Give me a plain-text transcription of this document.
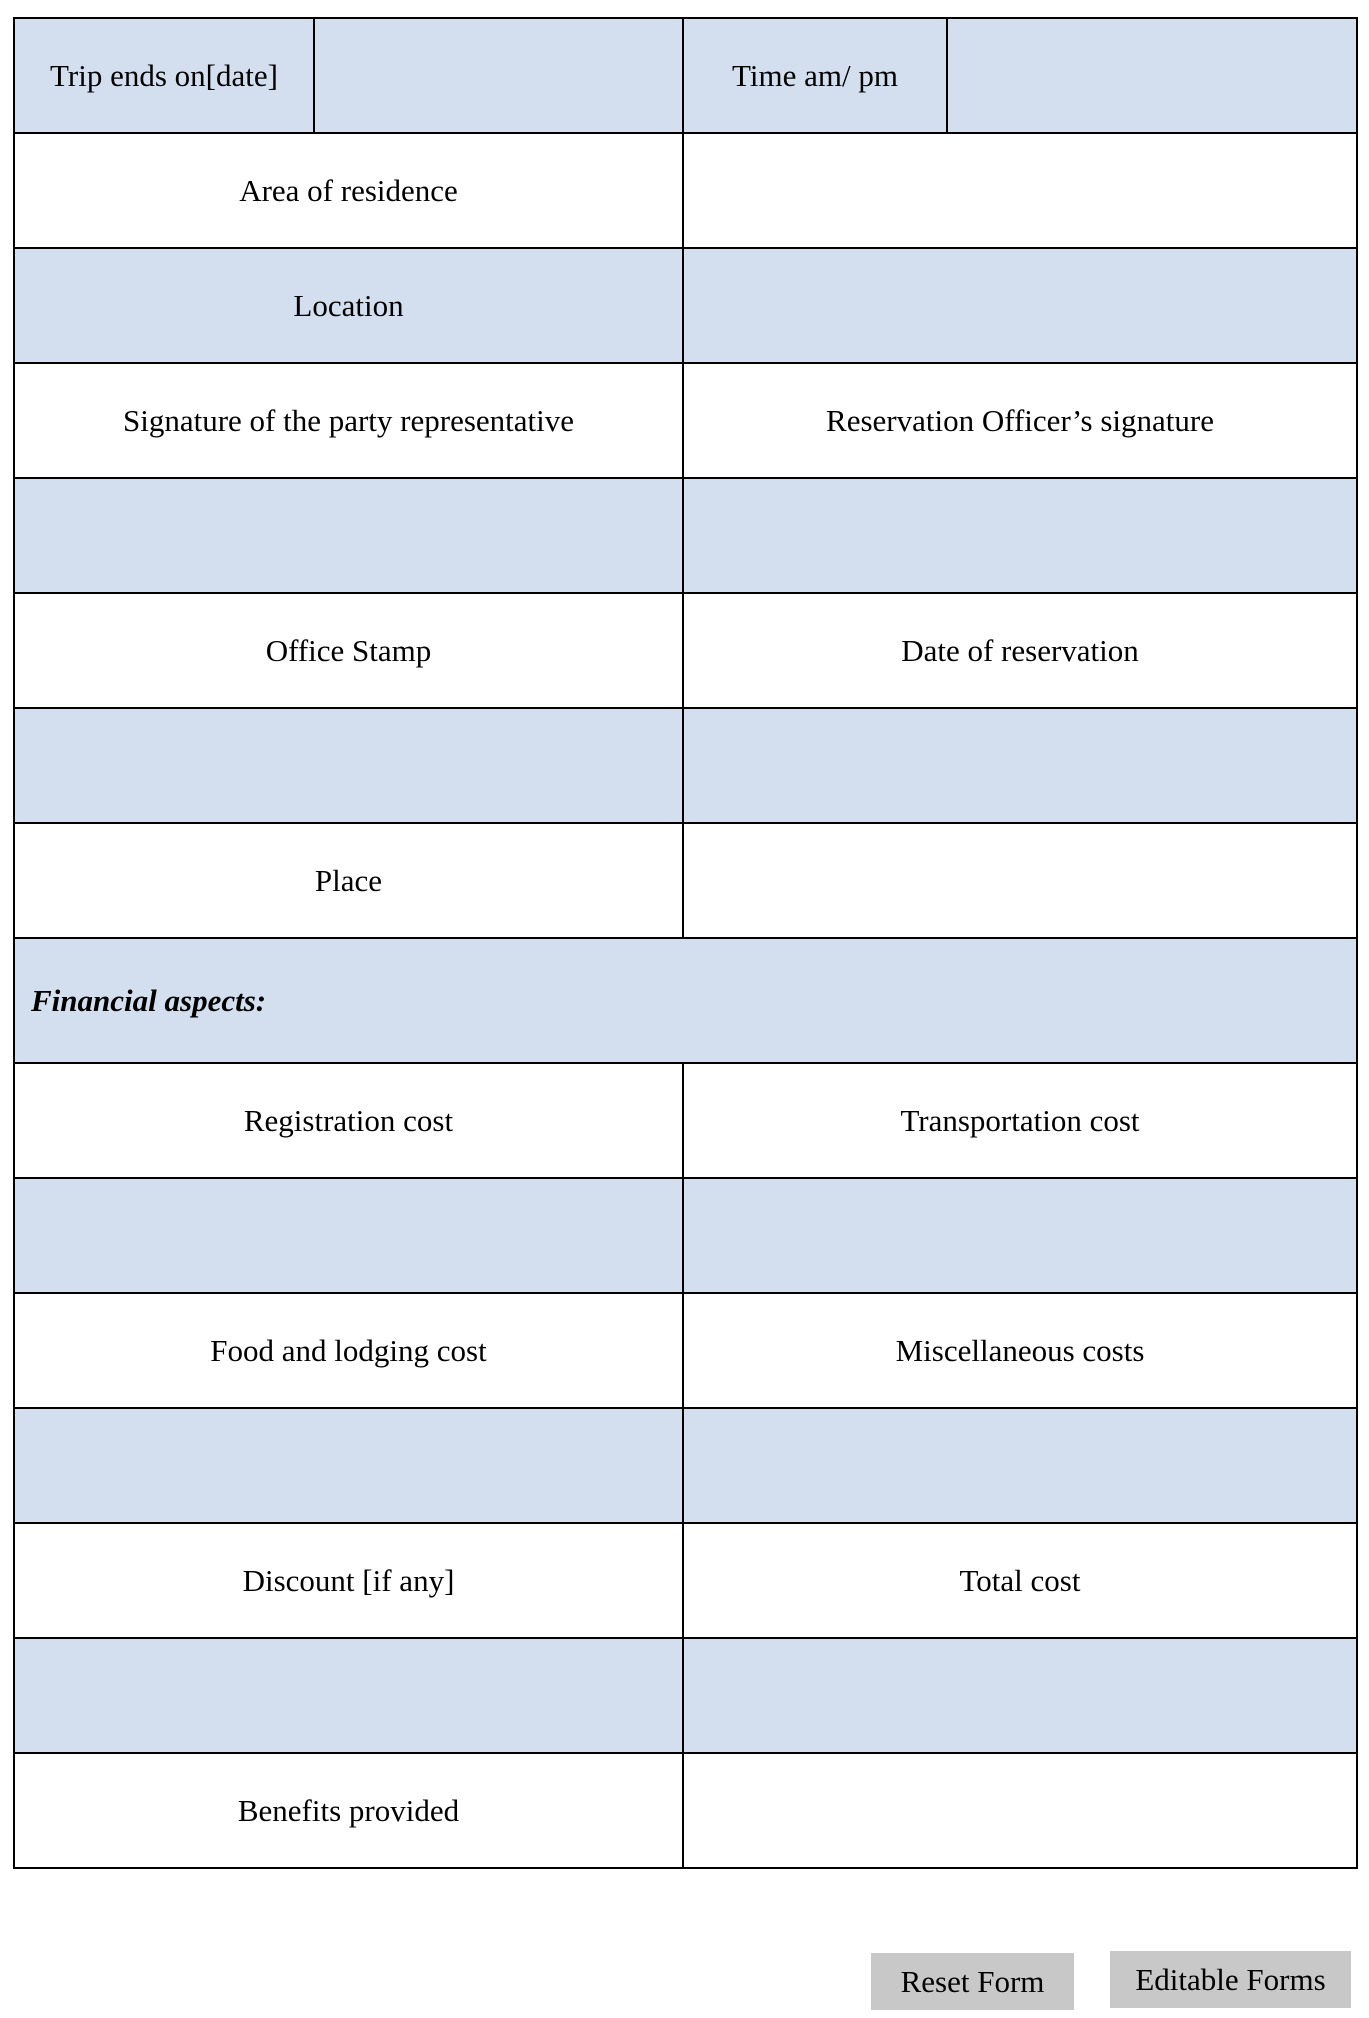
Trip ends on[date]		Time am/ pm	
Area of residence			
Location			
Signature of the party representative		Reservation Officer’s signature	

Office Stamp		Date of reservation	

Place			
Financial aspects:			
Registration cost		Transportation cost	

Food and lodging cost		Miscellaneous costs	

Discount [if any]		Total cost	

Benefits provided			
Reset Form	Editable Forms
